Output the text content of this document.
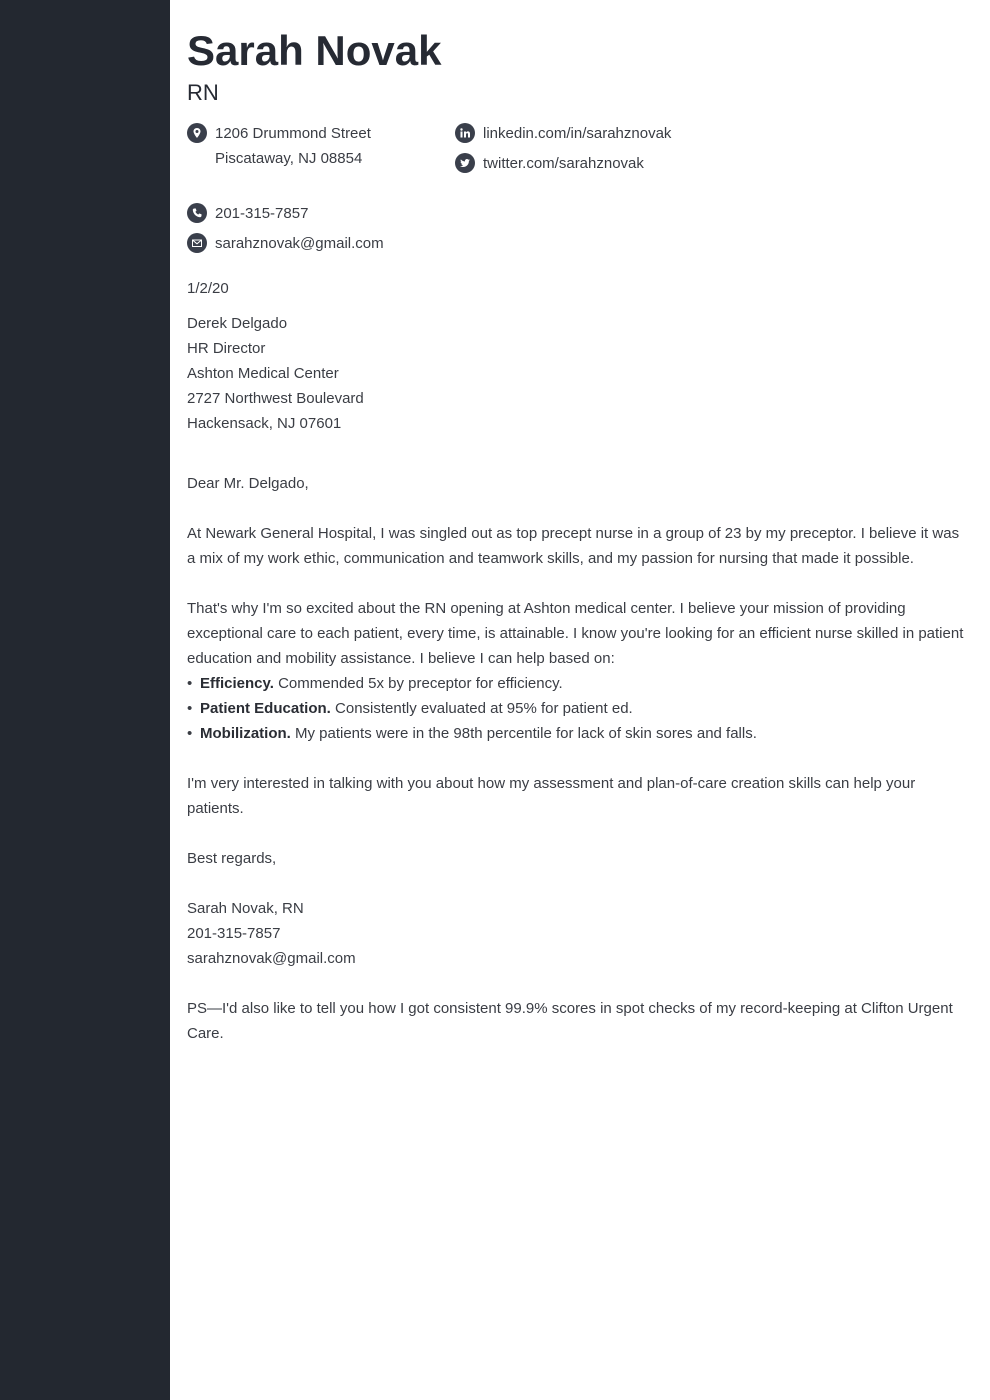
Sarah Novak
RN
1206 Drummond Street
Piscataway, NJ 08854
linkedin.com/in/sarahznovak
twitter.com/sarahznovak
201-315-7857
sarahznovak@gmail.com
1/2/20
Derek Delgado
HR Director
Ashton Medical Center
2727 Northwest Boulevard
Hackensack, NJ 07601
Dear Mr. Delgado,
At Newark General Hospital, I was singled out as top precept nurse in a group of 23 by my preceptor. I believe it was a mix of my work ethic, communication and teamwork skills, and my passion for nursing that made it possible.
That's why I'm so excited about the RN opening at Ashton medical center. I believe your mission of providing exceptional care to each patient, every time, is attainable. I know you're looking for an efficient nurse skilled in patient education and mobility assistance. I believe I can help based on:
• Efficiency. Commended 5x by preceptor for efficiency.
• Patient Education. Consistently evaluated at 95% for patient ed.
• Mobilization. My patients were in the 98th percentile for lack of skin sores and falls.
I'm very interested in talking with you about how my assessment and plan-of-care creation skills can help your patients.
Best regards,
Sarah Novak, RN
201-315-7857
sarahznovak@gmail.com
PS—I'd also like to tell you how I got consistent 99.9% scores in spot checks of my record-keeping at Clifton Urgent Care.
